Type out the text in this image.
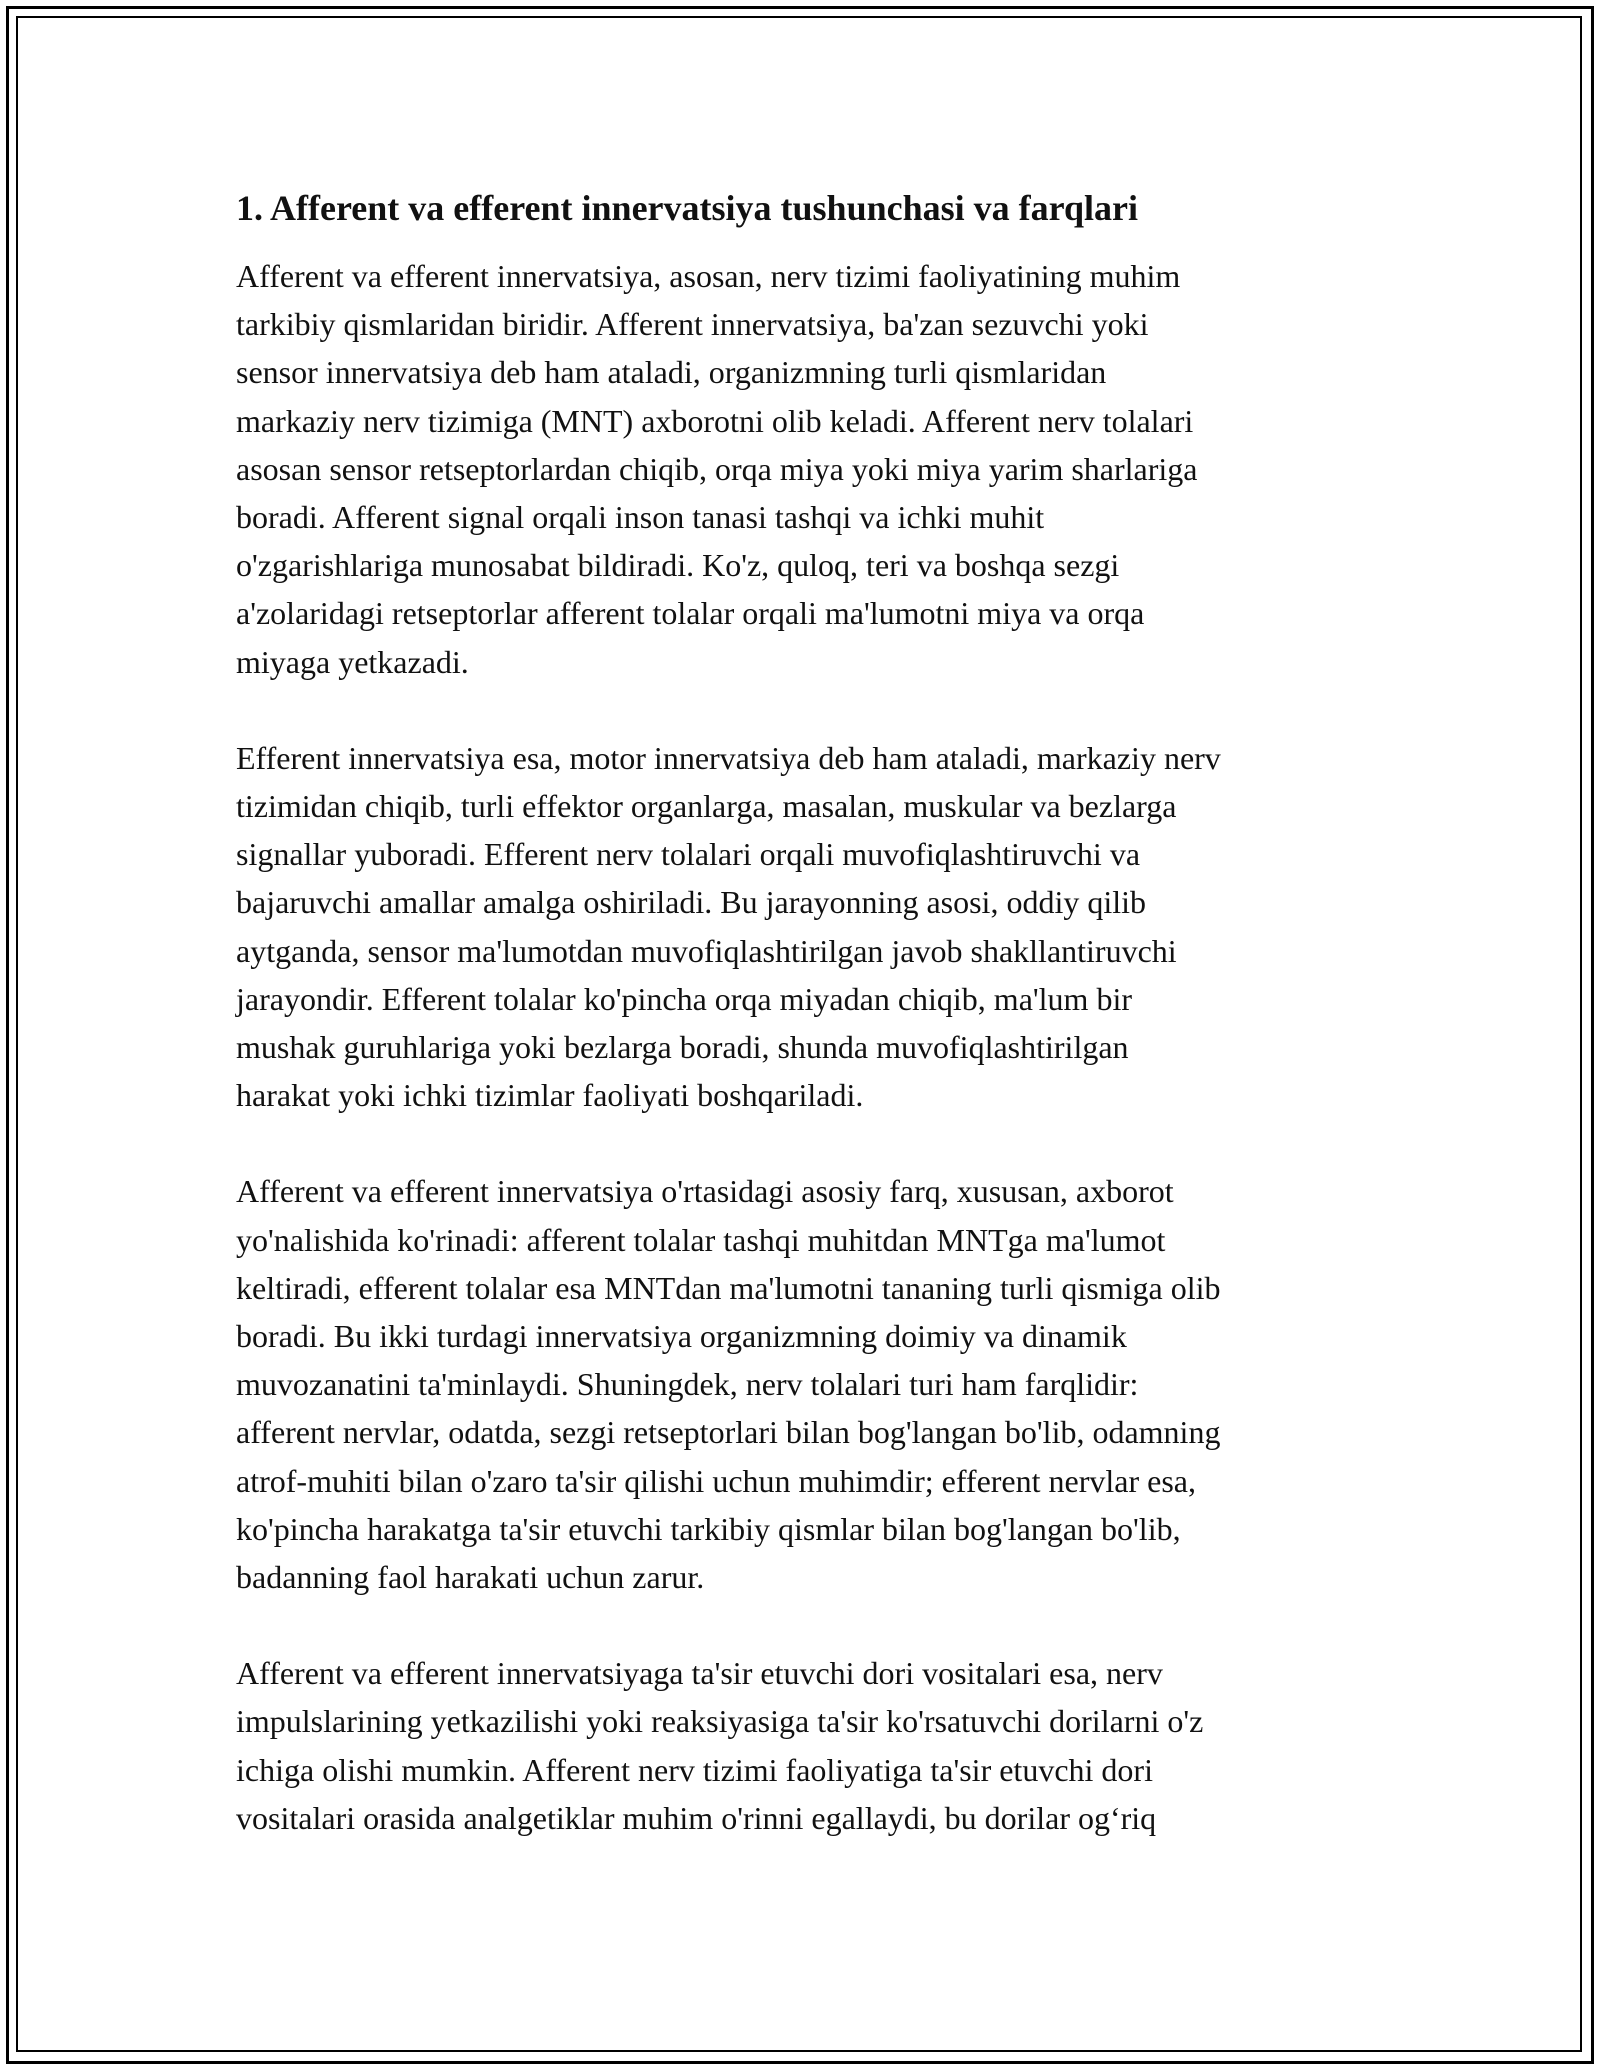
1. Afferent va efferent innervatsiya tushunchasi va farqlari
Afferent va efferent innervatsiya, asosan, nerv tizimi faoliyatining muhim
tarkibiy qismlaridan biridir. Afferent innervatsiya, ba'zan sezuvchi yoki
sensor innervatsiya deb ham ataladi, organizmning turli qismlaridan
markaziy nerv tizimiga (MNT) axborotni olib keladi. Afferent nerv tolalari
asosan sensor retseptorlardan chiqib, orqa miya yoki miya yarim sharlariga
boradi. Afferent signal orqali inson tanasi tashqi va ichki muhit
o'zgarishlariga munosabat bildiradi. Ko'z, quloq, teri va boshqa sezgi
a'zolaridagi retseptorlar afferent tolalar orqali ma'lumotni miya va orqa
miyaga yetkazadi.
Efferent innervatsiya esa, motor innervatsiya deb ham ataladi, markaziy nerv
tizimidan chiqib, turli effektor organlarga, masalan, muskular va bezlarga
signallar yuboradi. Efferent nerv tolalari orqali muvofiqlashtiruvchi va
bajaruvchi amallar amalga oshiriladi. Bu jarayonning asosi, oddiy qilib
aytganda, sensor ma'lumotdan muvofiqlashtirilgan javob shakllantiruvchi
jarayondir. Efferent tolalar ko'pincha orqa miyadan chiqib, ma'lum bir
mushak guruhlariga yoki bezlarga boradi, shunda muvofiqlashtirilgan
harakat yoki ichki tizimlar faoliyati boshqariladi.
Afferent va efferent innervatsiya o'rtasidagi asosiy farq, xususan, axborot
yo'nalishida ko'rinadi: afferent tolalar tashqi muhitdan MNTga ma'lumot
keltiradi, efferent tolalar esa MNTdan ma'lumotni tananing turli qismiga olib
boradi. Bu ikki turdagi innervatsiya organizmning doimiy va dinamik
muvozanatini ta'minlaydi. Shuningdek, nerv tolalari turi ham farqlidir:
afferent nervlar, odatda, sezgi retseptorlari bilan bog'langan bo'lib, odamning
atrof-muhiti bilan o'zaro ta'sir qilishi uchun muhimdir; efferent nervlar esa,
ko'pincha harakatga ta'sir etuvchi tarkibiy qismlar bilan bog'langan bo'lib,
badanning faol harakati uchun zarur.
Afferent va efferent innervatsiyaga ta'sir etuvchi dori vositalari esa, nerv
impulslarining yetkazilishi yoki reaksiyasiga ta'sir ko'rsatuvchi dorilarni o'z
ichiga olishi mumkin. Afferent nerv tizimi faoliyatiga ta'sir etuvchi dori
vositalari orasida analgetiklar muhim o'rinni egallaydi, bu dorilar og‘riq
